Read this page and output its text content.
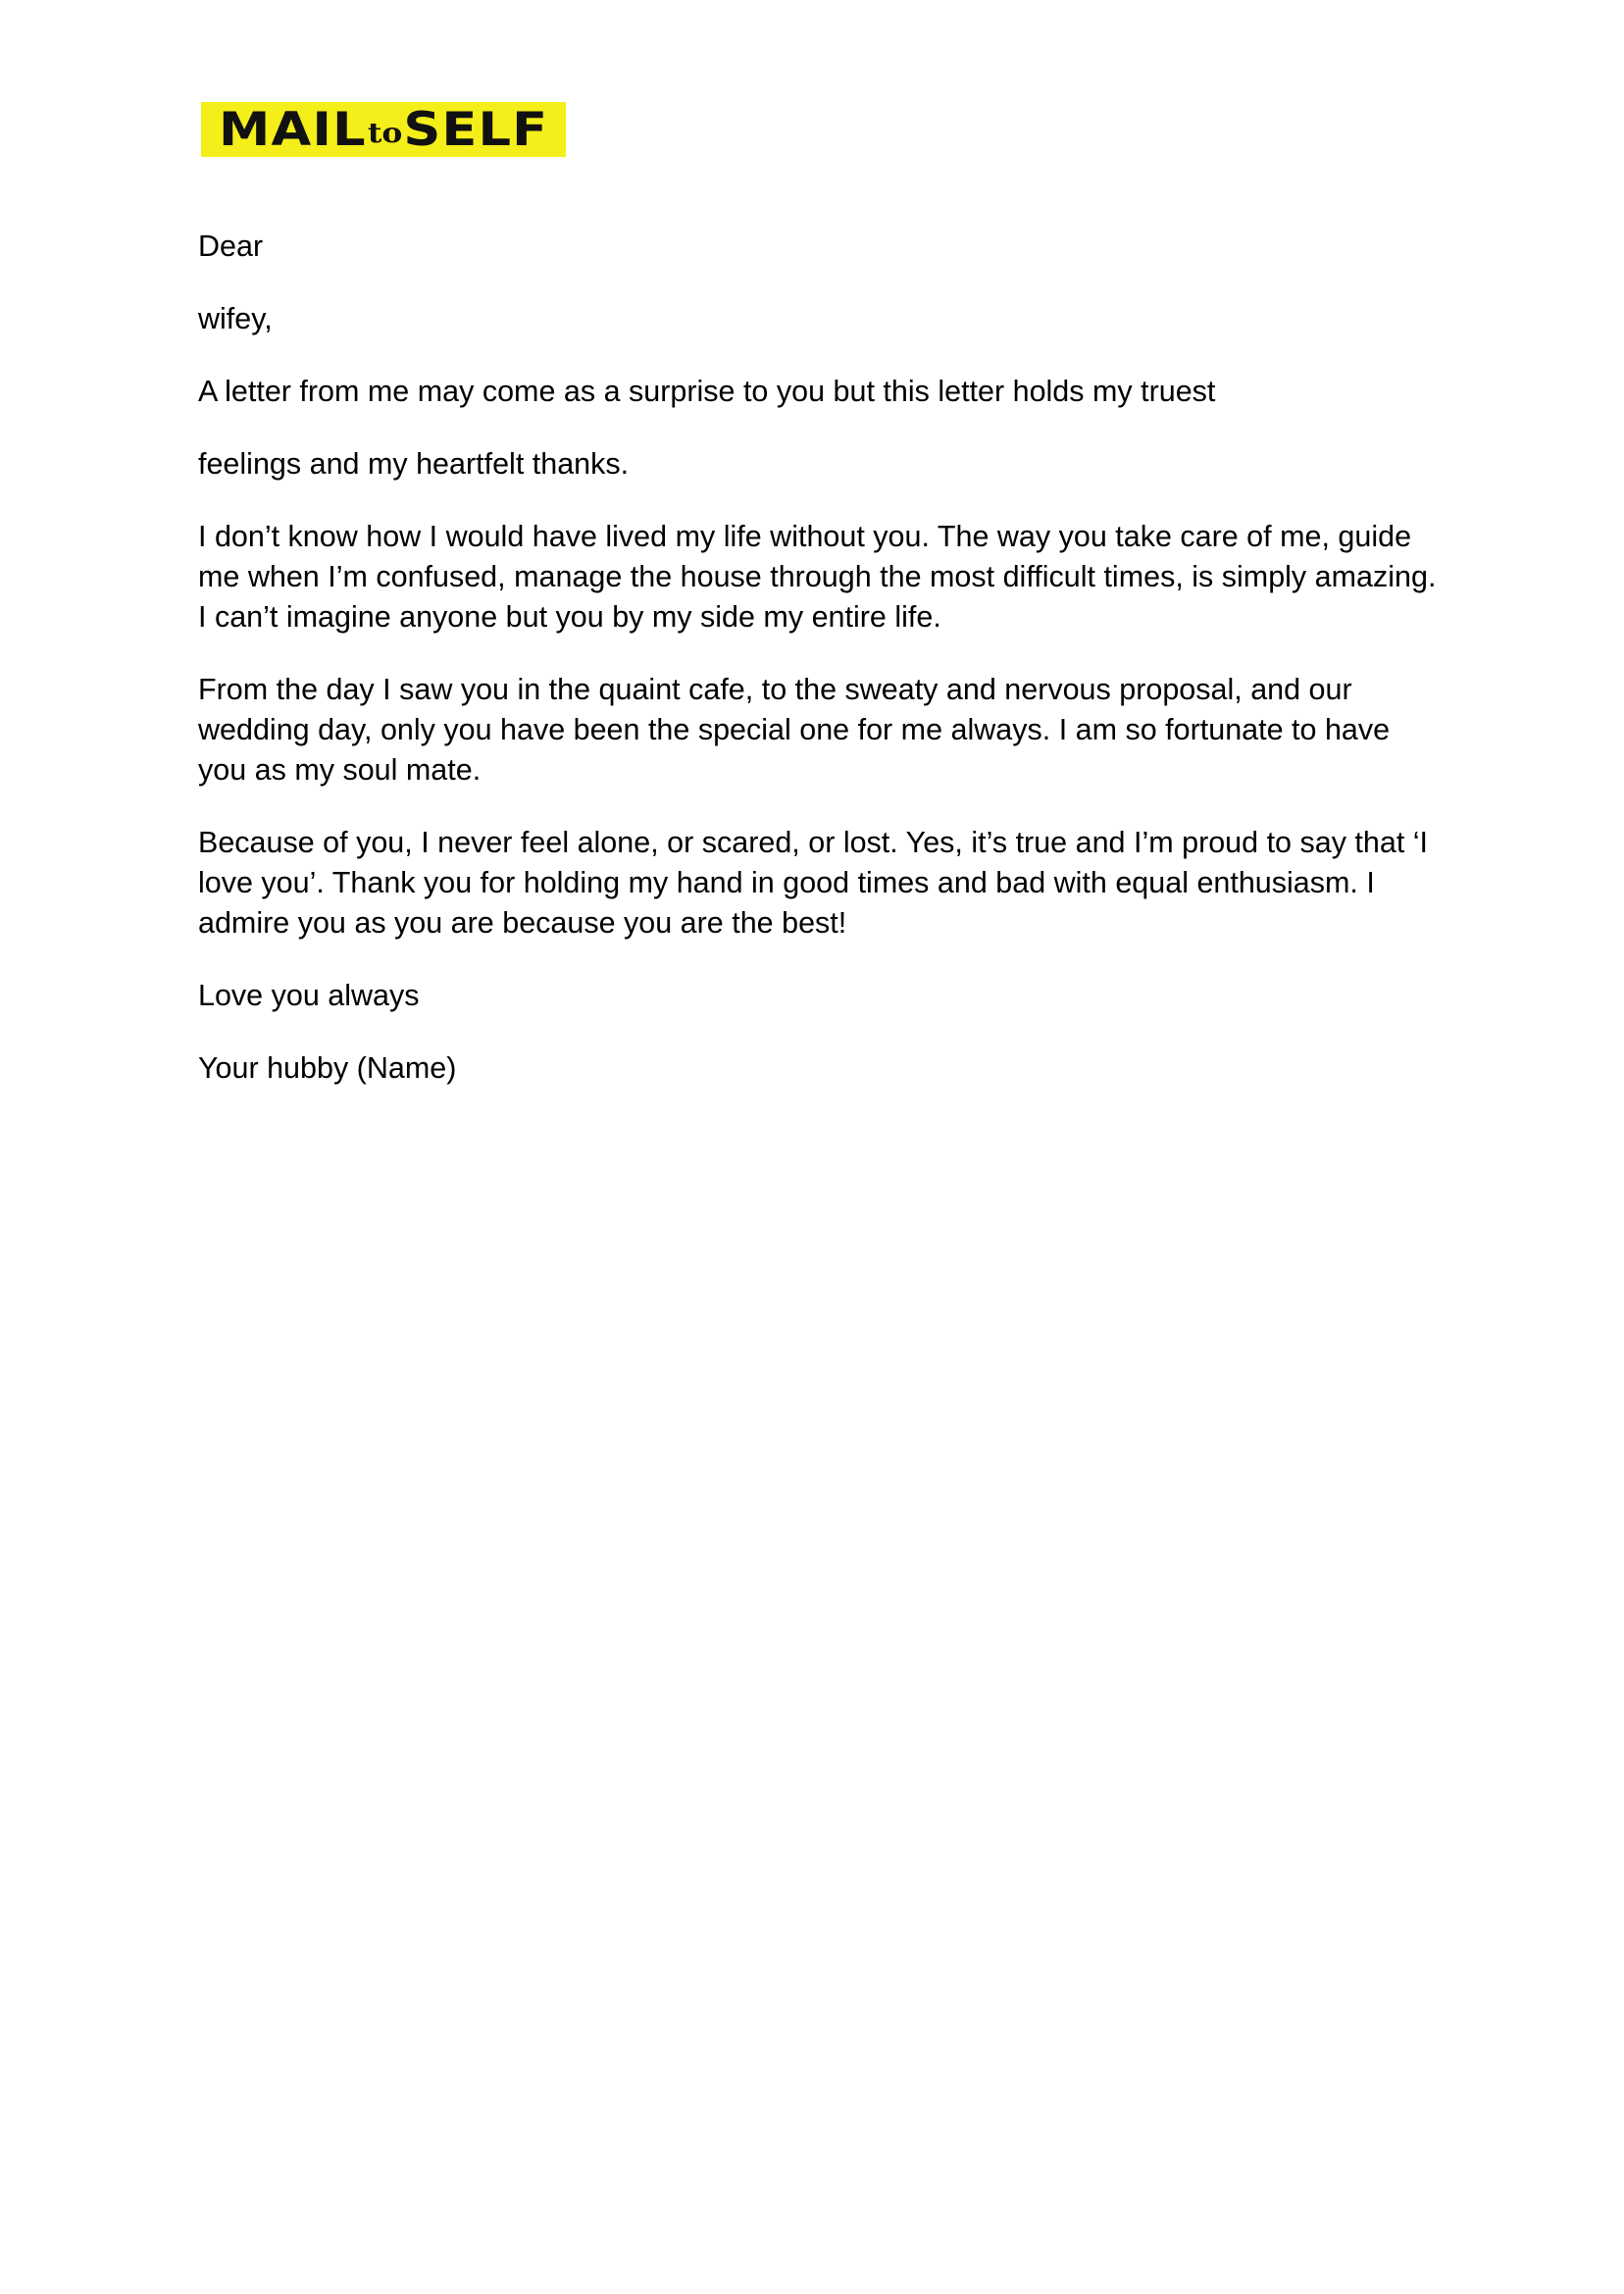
MAILtoSELF

Dear

wifey,

A letter from me may come as a surprise to you but this letter holds my truest

feelings and my heartfelt thanks.

I don’t know how I would have lived my life without you. The way you take care of me, guide me when I’m confused, manage the house through the most difficult times, is simply amazing. I can’t imagine anyone but you by my side my entire life.

From the day I saw you in the quaint cafe, to the sweaty and nervous proposal, and our wedding day, only you have been the special one for me always. I am so fortunate to have you as my soul mate.

Because of you, I never feel alone, or scared, or lost. Yes, it’s true and I’m proud to say that ‘I love you’. Thank you for holding my hand in good times and bad with equal enthusiasm. I admire you as you are because you are the best!

Love you always

Your hubby (Name)
